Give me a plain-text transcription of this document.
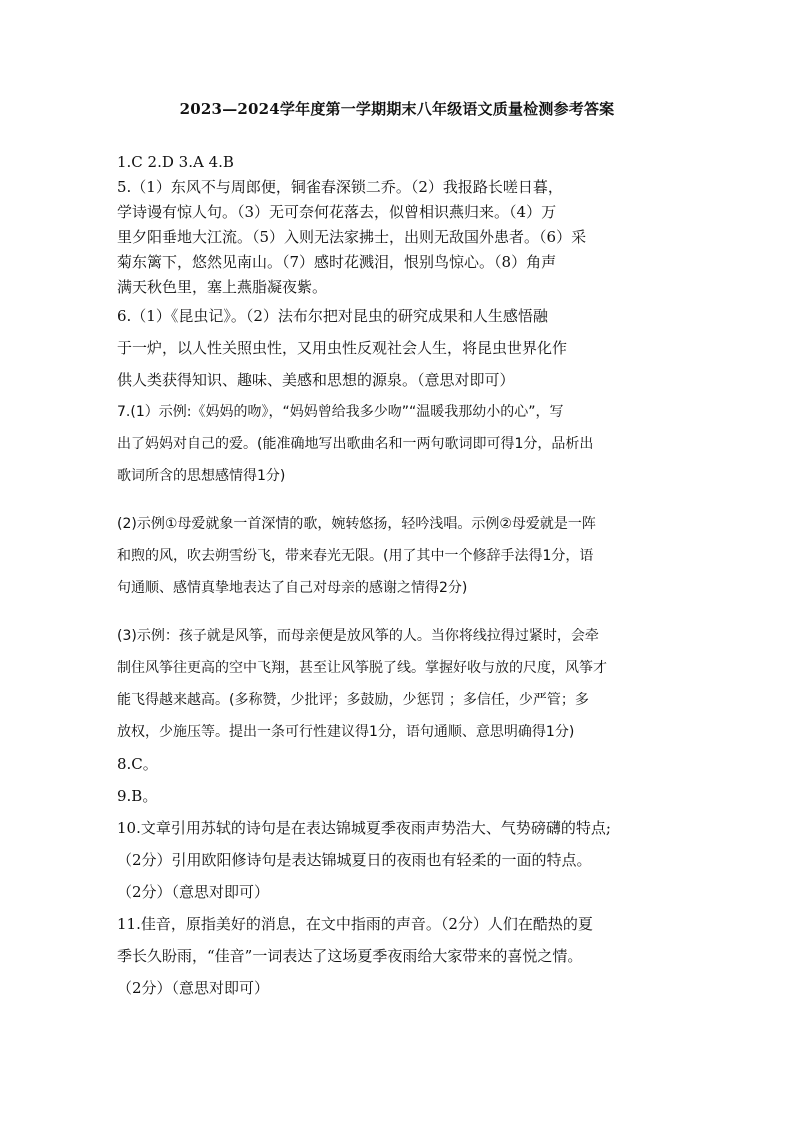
2023—2024学年度第一学期期末八年级语文质量检测参考答案
1.C 2.D 3.A 4.B
5.（1）东风不与周郎便，铜雀春深锁二乔。（2）我报路长嗟日暮，
学诗谩有惊人句。（3）无可奈何花落去，似曾相识燕归来。（4）万
里夕阳垂地大江流。（5）入则无法家拂士，出则无敌国外患者。（6）采
菊东篱下，悠然见南山。（7）感时花溅泪，恨别鸟惊心。（8）角声
满天秋色里，塞上燕脂凝夜紫。
6.（1）《昆虫记》。（2）法布尔把对昆虫的研究成果和人生感悟融
于一炉，以人性关照虫性，又用虫性反观社会人生，将昆虫世界化作
供人类获得知识、趣味、美感和思想的源泉。（意思对即可）
7.(1）示例:《妈妈的吻》，“妈妈曾给我多少吻”“温暖我那幼小的心”，写
出了妈妈对自己的爱。(能准确地写出歌曲名和一两句歌词即可得1分，品析出
歌词所含的思想感情得1分)
(2)示例①母爱就象一首深情的歌，婉转悠扬，轻吟浅唱。示例②母爱就是一阵
和煦的风，吹去朔雪纷飞，带来春光无限。(用了其中一个修辞手法得1分，语
句通顺、感情真挚地表达了自己对母亲的感谢之情得2分)
(3)示例：孩子就是风筝，而母亲便是放风筝的人。当你将线拉得过紧时，会牵
制住风筝往更高的空中飞翔，甚至让风筝脱了线。掌握好收与放的尺度，风筝才
能飞得越来越高。(多称赞，少批评；多鼓励，少惩罚 ；多信任，少严管；多
放权，少施压等。提出一条可行性建议得1分，语句通顺、意思明确得1分)
8.C。
9.B。
10.文章引用苏轼的诗句是在表达锦城夏季夜雨声势浩大、气势磅礴的特点;
（2分）引用欧阳修诗句是表达锦城夏日的夜雨也有轻柔的一面的特点。
（2分）（意思对即可）
11.佳音，原指美好的消息，在文中指雨的声音。（2分）人们在酷热的夏
季长久盼雨，“佳音”一词表达了这场夏季夜雨给大家带来的喜悦之情。
（2分）（意思对即可）
